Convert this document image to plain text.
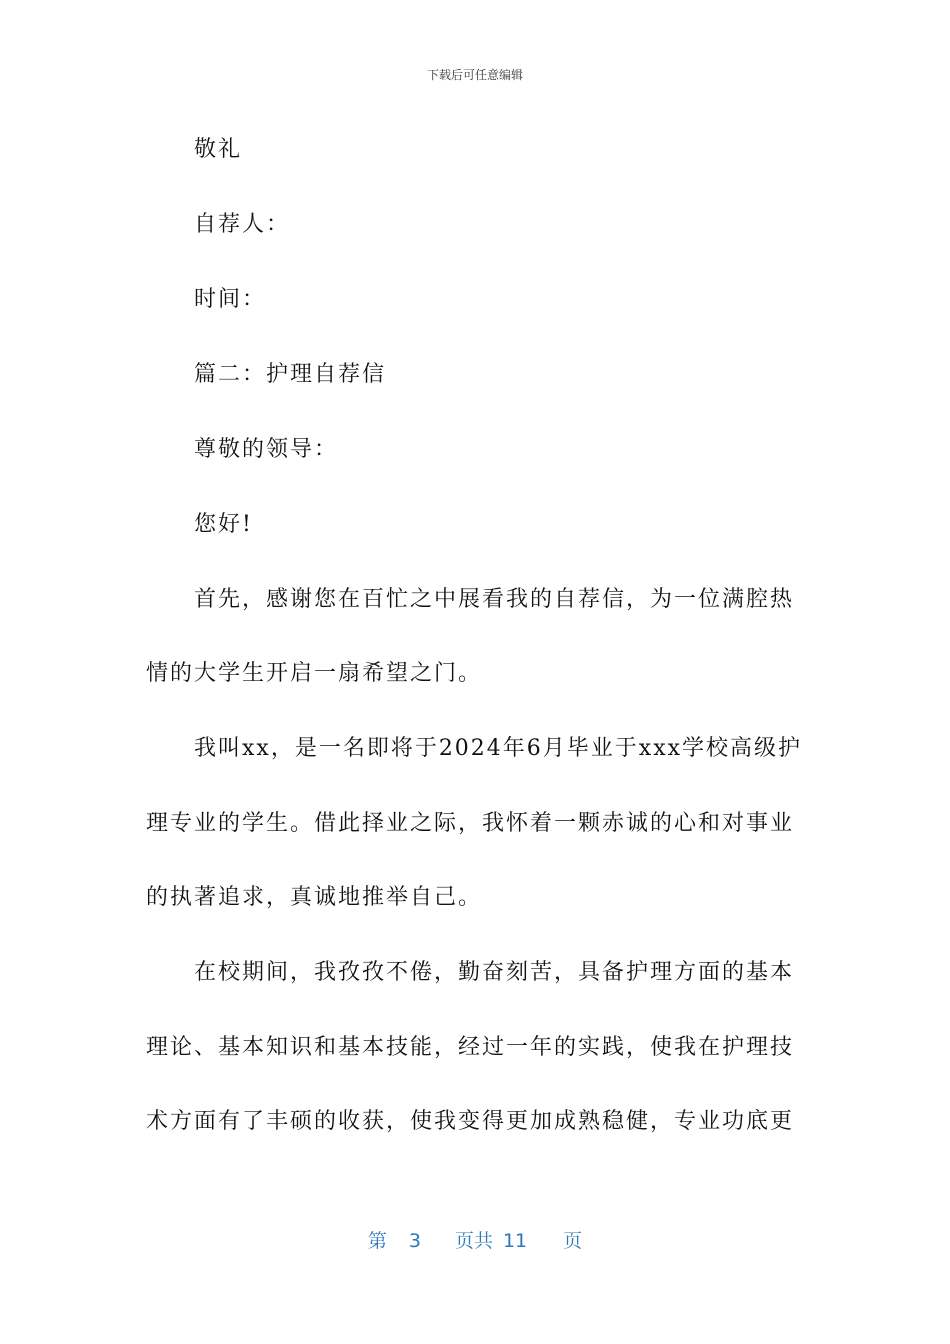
下载后可任意编辑
敬礼
自荐人：
时间：
篇二：护理自荐信
尊敬的领导：
您好!
首先，感谢您在百忙之中展看我的自荐信，为一位满腔热
情的大学生开启一扇希望之门。
我叫xx，是一名即将于2024年6月毕业于xxx学校高级护
理专业的学生。借此择业之际，我怀着一颗赤诚的心和对事业
的执著追求，真诚地推举自己。
在校期间，我孜孜不倦，勤奋刻苦，具备护理方面的基本
理论、基本知识和基本技能，经过一年的实践，使我在护理技
术方面有了丰硕的收获，使我变得更加成熟稳健，专业功底更
第 3 页共 11 页
